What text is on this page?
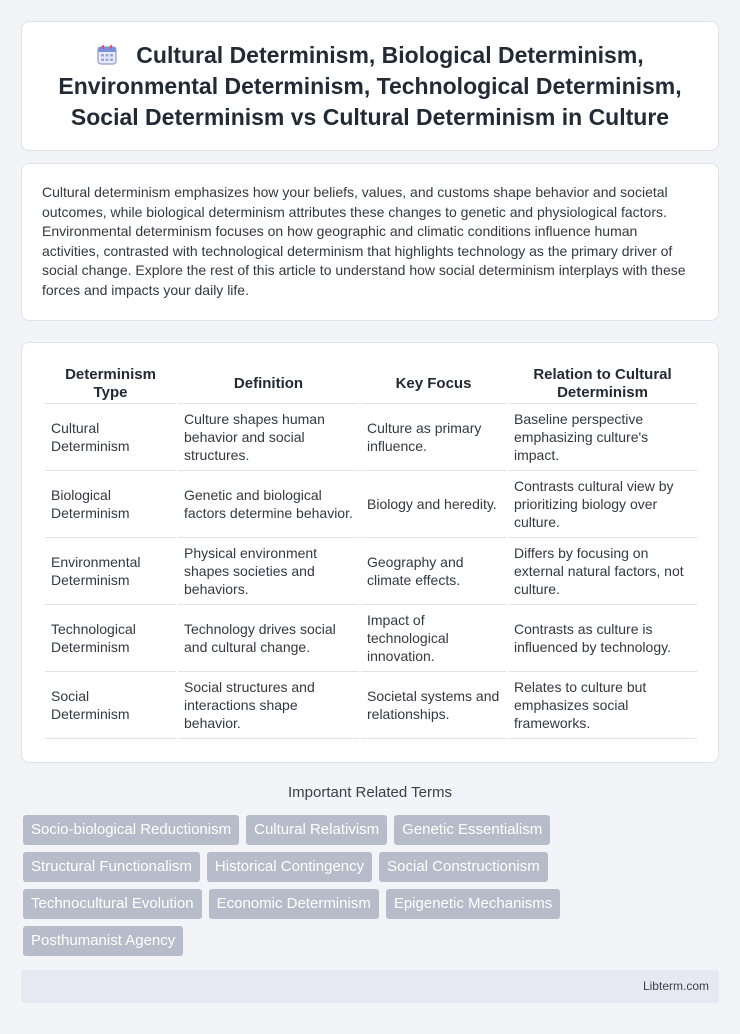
Cultural Determinism, Biological Determinism, Environmental Determinism, Technological Determinism, Social Determinism vs Cultural Determinism in Culture

Cultural determinism emphasizes how your beliefs, values, and customs shape behavior and societal outcomes, while biological determinism attributes these changes to genetic and physiological factors. Environmental determinism focuses on how geographic and climatic conditions influence human activities, contrasted with technological determinism that highlights technology as the primary driver of social change. Explore the rest of this article to understand how social determinism interplays with these forces and impacts your daily life.

Determinism Type	Definition	Key Focus	Relation to Cultural Determinism
Cultural Determinism	Culture shapes human behavior and social structures.	Culture as primary influence.	Baseline perspective emphasizing culture's impact.
Biological Determinism	Genetic and biological factors determine behavior.	Biology and heredity.	Contrasts cultural view by prioritizing biology over culture.
Environmental Determinism	Physical environment shapes societies and behaviors.	Geography and climate effects.	Differs by focusing on external natural factors, not culture.
Technological Determinism	Technology drives social and cultural change.	Impact of technological innovation.	Contrasts as culture is influenced by technology.
Social Determinism	Social structures and interactions shape behavior.	Societal systems and relationships.	Relates to culture but emphasizes social frameworks.
Important Related Terms
Socio-biological Reductionism	Cultural Relativism	Genetic Essentialism
Structural Functionalism	Historical Contingency	Social Constructionism
Technocultural Evolution	Economic Determinism	Epigenetic Mechanisms
Posthumanist Agency
Libterm.com
